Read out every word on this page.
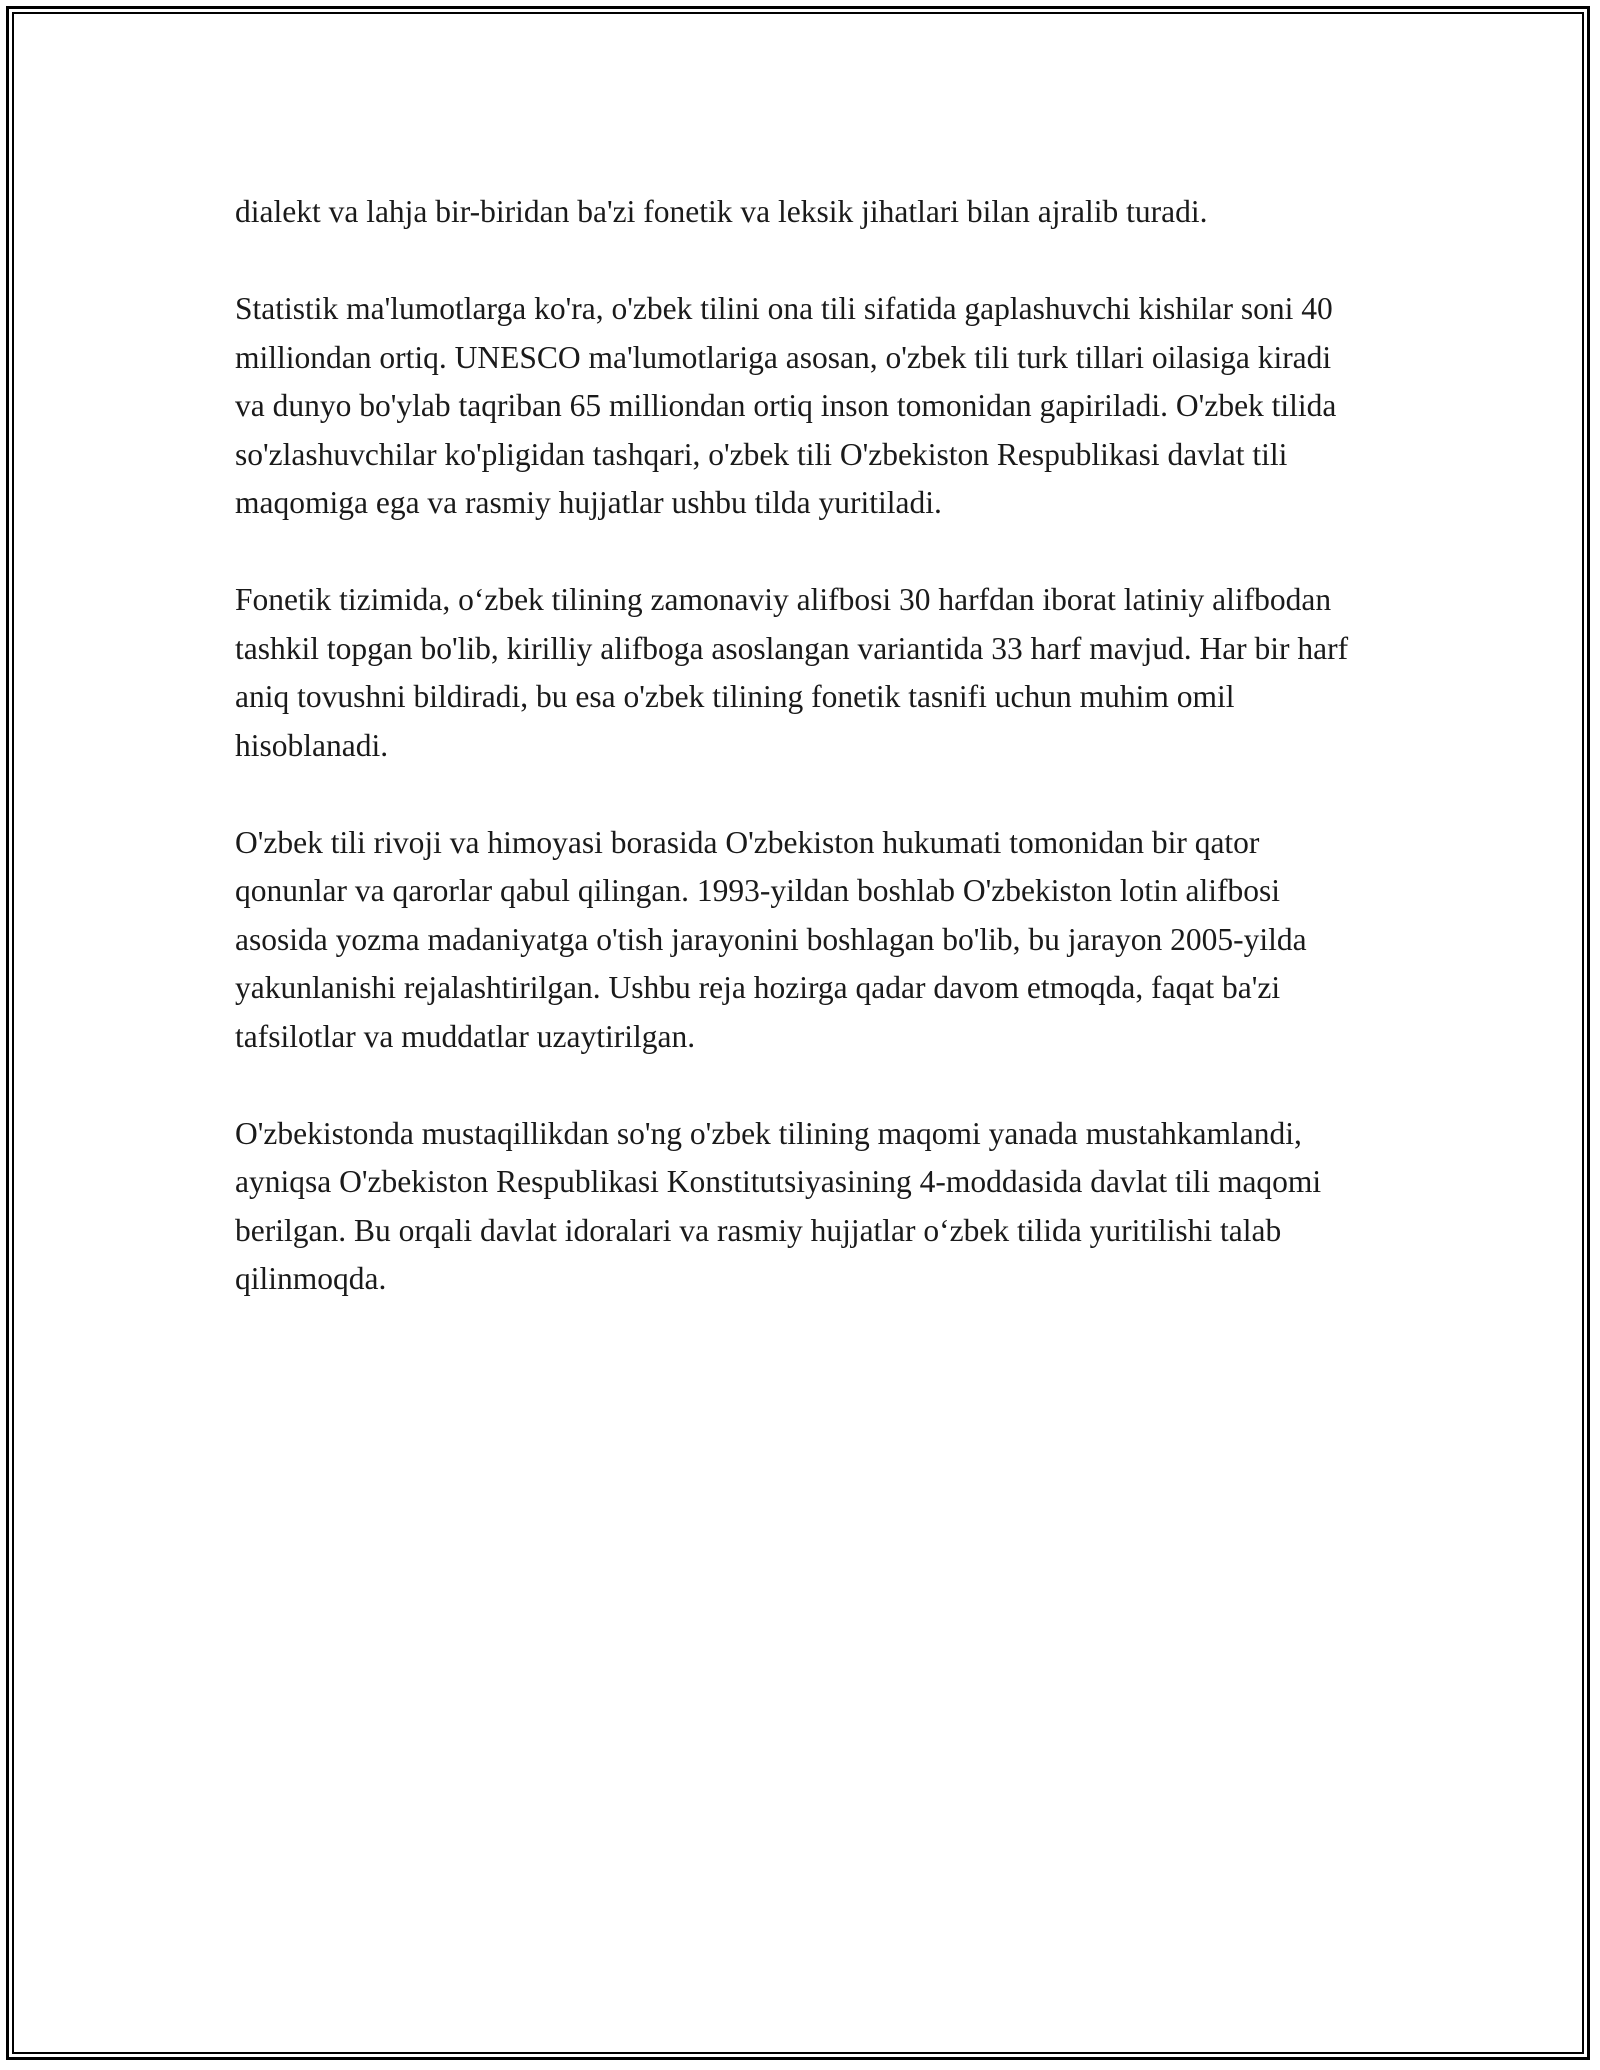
dialekt va lahja bir-biridan ba'zi fonetik va leksik jihatlari bilan ajralib turadi.

Statistik ma'lumotlarga ko'ra, o'zbek tilini ona tili sifatida gaplashuvchi kishilar soni 40 milliondan ortiq. UNESCO ma'lumotlariga asosan, o'zbek tili turk tillari oilasiga kiradi va dunyo bo'ylab taqriban 65 milliondan ortiq inson tomonidan gapiriladi. O'zbek tilida so'zlashuvchilar ko'pligidan tashqari, o'zbek tili O'zbekiston Respublikasi davlat tili maqomiga ega va rasmiy hujjatlar ushbu tilda yuritiladi.

Fonetik tizimida, o‘zbek tilining zamonaviy alifbosi 30 harfdan iborat latiniy alifbodan tashkil topgan bo'lib, kirilliy alifboga asoslangan variantida 33 harf mavjud. Har bir harf aniq tovushni bildiradi, bu esa o'zbek tilining fonetik tasnifi uchun muhim omil hisoblanadi.

O'zbek tili rivoji va himoyasi borasida O'zbekiston hukumati tomonidan bir qator qonunlar va qarorlar qabul qilingan. 1993-yildan boshlab O'zbekiston lotin alifbosi asosida yozma madaniyatga o'tish jarayonini boshlagan bo'lib, bu jarayon 2005-yilda yakunlanishi rejalashtirilgan. Ushbu reja hozirga qadar davom etmoqda, faqat ba'zi tafsilotlar va muddatlar uzaytirilgan.

O'zbekistonda mustaqillikdan so'ng o'zbek tilining maqomi yanada mustahkamlandi, ayniqsa O'zbekiston Respublikasi Konstitutsiyasining 4-moddasida davlat tili maqomi berilgan. Bu orqali davlat idoralari va rasmiy hujjatlar o‘zbek tilida yuritilishi talab qilinmoqda.
